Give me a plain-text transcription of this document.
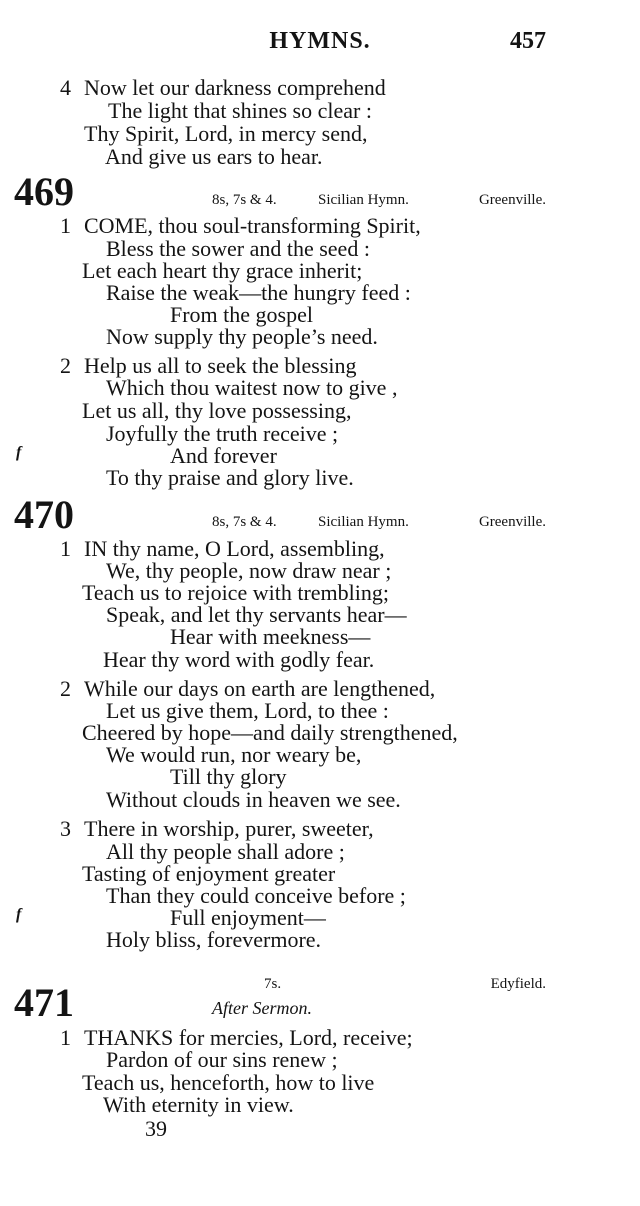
HYMNS.	457
4 Now let our darkness comprehend
The light that shines so clear :
Thy Spirit, Lord, in mercy send,
And give us ears to hear.
469	8s, 7s & 4.	Sicilian Hymn.	Greenville.
1 COME, thou soul-transforming Spirit,
Bless the sower and the seed :
Let each heart thy grace inherit;
Raise the weak—the hungry feed :
From the gospel
Now supply thy people’s need.
2 Help us all to seek the blessing
Which thou waitest now to give ,
Let us all, thy love possessing,
Joyfully the truth receive ;
f	And forever
To thy praise and glory live.
470	8s, 7s & 4.	Sicilian Hymn.	Greenville.
1 IN thy name, O Lord, assembling,
We, thy people, now draw near ;
Teach us to rejoice with trembling;
Speak, and let thy servants hear—
Hear with meekness—
Hear thy word with godly fear.
2 While our days on earth are lengthened,
Let us give them, Lord, to thee :
Cheered by hope—and daily strengthened,
We would run, nor weary be,
Till thy glory
Without clouds in heaven we see.
3 There in worship, purer, sweeter,
All thy people shall adore ;
Tasting of enjoyment greater
Than they could conceive before ;
f	Full enjoyment—
Holy bliss, forevermore.
7s.	Edyfield.
471	After Sermon.
1 THANKS for mercies, Lord, receive;
Pardon of our sins renew ;
Teach us, henceforth, how to live
With eternity in view.
39
